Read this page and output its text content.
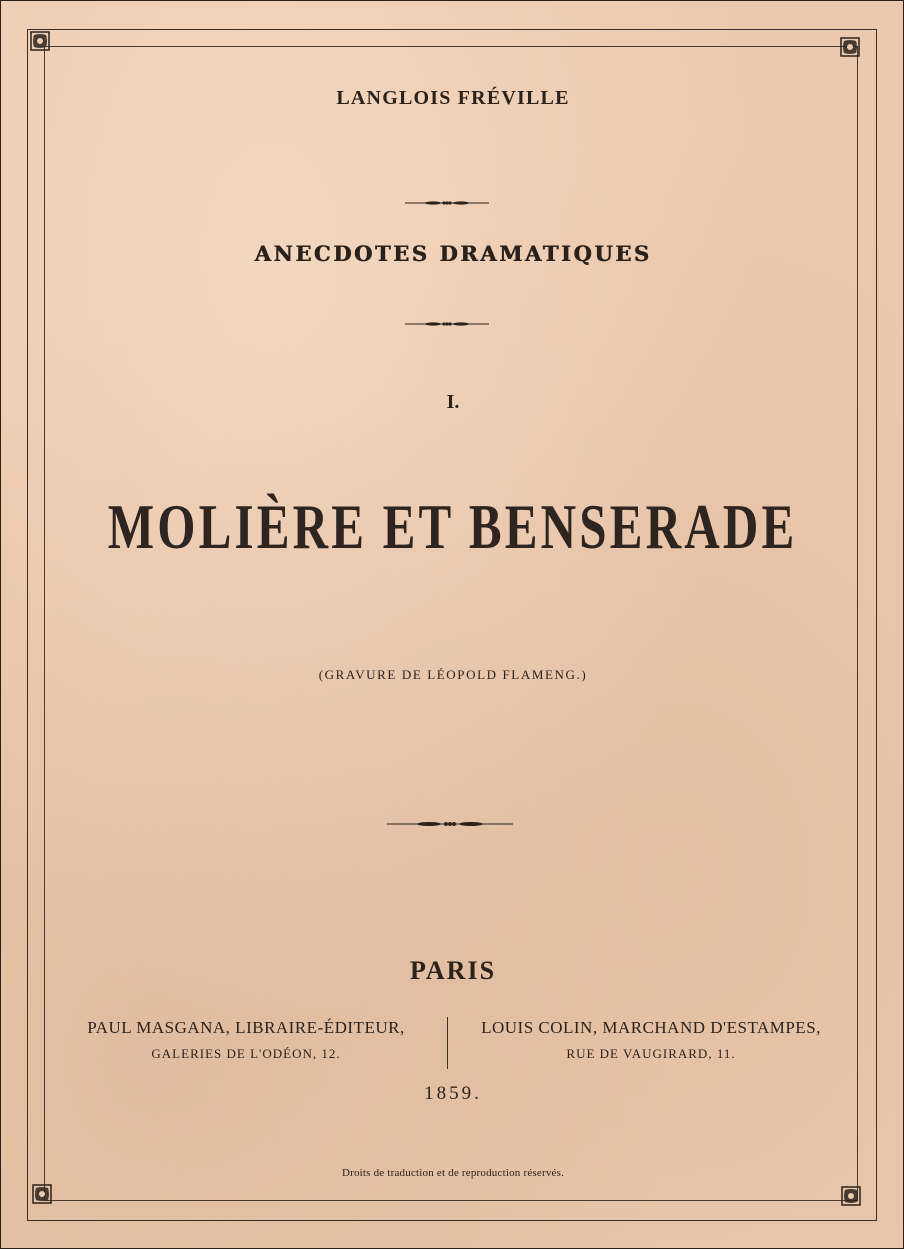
LANGLOIS FRÉVILLE
ANECDOTES DRAMATIQUES
I.
MOLIÈRE ET BENSERADE
(GRAVURE DE LÉOPOLD FLAMENG.)
PARIS
PAUL MASGANA, LIBRAIRE-ÉDITEUR,
GALERIES DE L'ODÉON, 12.
LOUIS COLIN, MARCHAND D'ESTAMPES,
RUE DE VAUGIRARD, 11.
1859.
Droits de traduction et de reproduction réservés.
